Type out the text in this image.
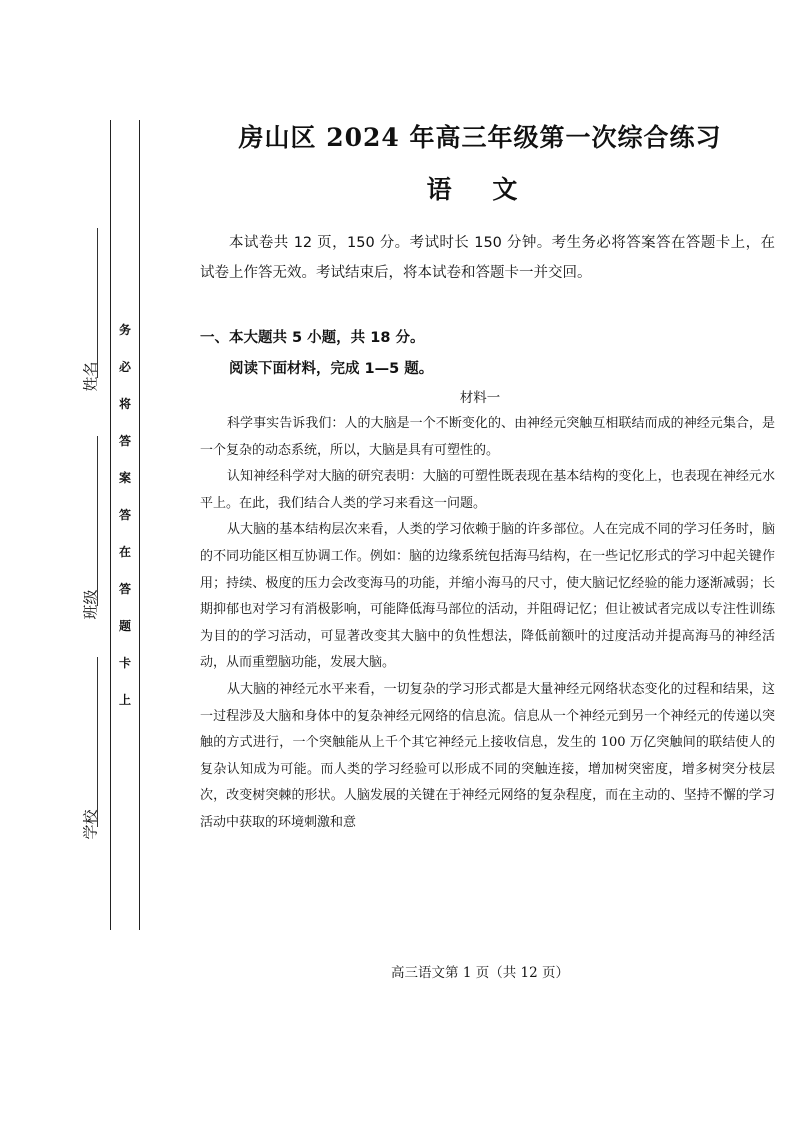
姓名
班级
学校
务
必
将
答
案
答
在
答
题
卡
上
房山区 2024 年高三年级第一次综合练习
语 文
本试卷共 12 页，150 分。考试时长 150 分钟。考生务必将答案答在答题卡上，在试卷上作答无效。考试结束后，将本试卷和答题卡一并交回。
一、本大题共 5 小题，共 18 分。
阅读下面材料，完成 1—5 题。
材料一

科学事实告诉我们：人的大脑是一个不断变化的、由神经元突触互相联结而成的神经元集合，是一个复杂的动态系统，所以，大脑是具有可塑性的。

认知神经科学对大脑的研究表明：大脑的可塑性既表现在基本结构的变化上，也表现在神经元水平上。在此，我们结合人类的学习来看这一问题。

从大脑的基本结构层次来看，人类的学习依赖于脑的许多部位。人在完成不同的学习任务时，脑的不同功能区相互协调工作。例如：脑的边缘系统包括海马结构，在一些记忆形式的学习中起关键作用；持续、极度的压力会改变海马的功能，并缩小海马的尺寸，使大脑记忆经验的能力逐渐减弱；长期抑郁也对学习有消极影响，可能降低海马部位的活动，并阻碍记忆；但让被试者完成以专注性训练为目的的学习活动，可显著改变其大脑中的负性想法，降低前额叶的过度活动并提高海马的神经活动，从而重塑脑功能，发展大脑。

从大脑的神经元水平来看，一切复杂的学习形式都是大量神经元网络状态变化的过程和结果，这一过程涉及大脑和身体中的复杂神经元网络的信息流。信息从一个神经元到另一个神经元的传递以突触的方式进行，一个突触能从上千个其它神经元上接收信息，发生的 100 万亿突触间的联结使人的复杂认知成为可能。而人类的学习经验可以形成不同的突触连接，增加树突密度，增多树突分枝层次，改变树突棘的形状。人脑发展的关键在于神经元网络的复杂程度，而在主动的、坚持不懈的学习活动中获取的环境刺激和意

高三语文第 1 页（共 12 页）
